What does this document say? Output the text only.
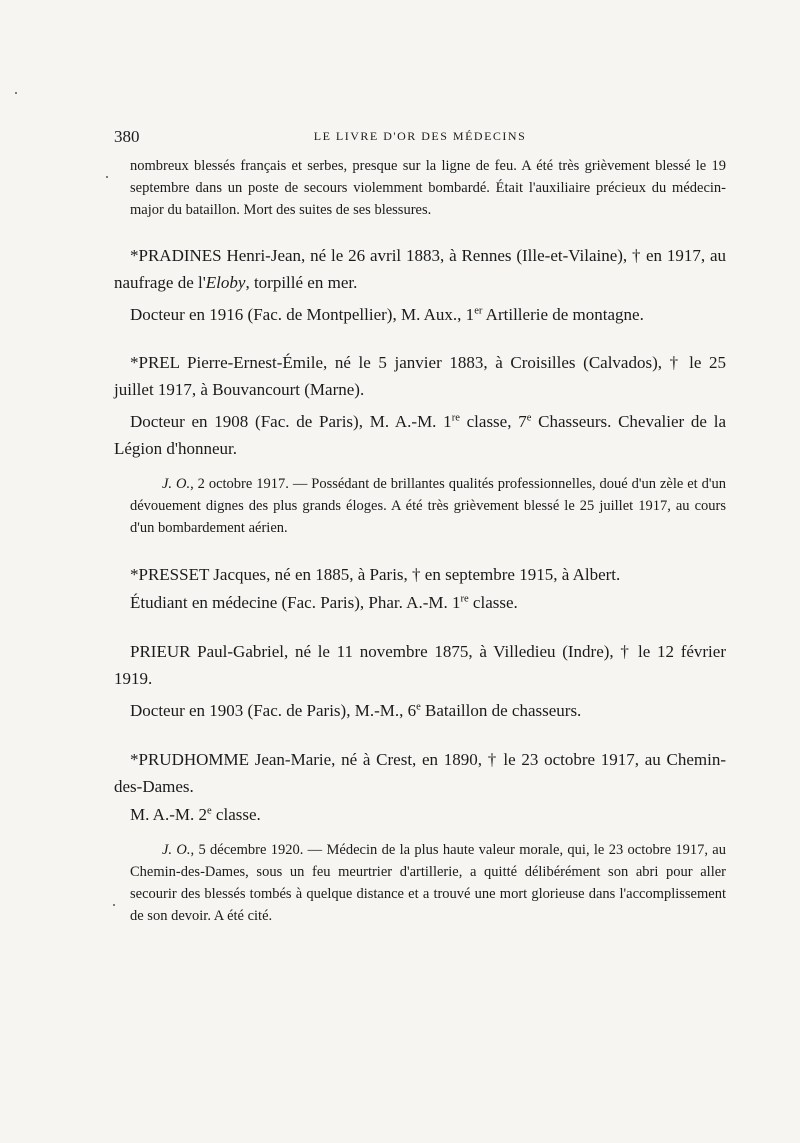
380	LE LIVRE D'OR DES MÉDECINS

nombreux blessés français et serbes, presque sur la ligne de feu. A été très grièvement blessé le 19 septembre dans un poste de secours violemment bombardé. Était l'auxiliaire précieux du médecin-major du bataillon. Mort des suites de ses blessures.

*PRADINES Henri-Jean, né le 26 avril 1883, à Rennes (Ille-et-Vilaine), † en 1917, au naufrage de l'Eloby, torpillé en mer.

Docteur en 1916 (Fac. de Montpellier), M. Aux., 1er Artillerie de montagne.

*PREL Pierre-Ernest-Émile, né le 5 janvier 1883, à Croisilles (Calvados), † le 25 juillet 1917, à Bouvancourt (Marne).

Docteur en 1908 (Fac. de Paris), M. A.-M. 1re classe, 7e Chasseurs. Chevalier de la Légion d'honneur.

J. O., 2 octobre 1917. — Possédant de brillantes qualités professionnelles, doué d'un zèle et d'un dévouement dignes des plus grands éloges. A été très grièvement blessé le 25 juillet 1917, au cours d'un bombardement aérien.

*PRESSET Jacques, né en 1885, à Paris, † en septembre 1915, à Albert.

Étudiant en médecine (Fac. Paris), Phar. A.-M. 1re classe.

PRIEUR Paul-Gabriel, né le 11 novembre 1875, à Villedieu (Indre), † le 12 février 1919.

Docteur en 1903 (Fac. de Paris), M.-M., 6e Bataillon de chasseurs.

*PRUDHOMME Jean-Marie, né à Crest, en 1890, † le 23 octobre 1917, au Chemin-des-Dames.

M. A.-M. 2e classe.

J. O., 5 décembre 1920. — Médecin de la plus haute valeur morale, qui, le 23 octobre 1917, au Chemin-des-Dames, sous un feu meurtrier d'artillerie, a quitté délibérément son abri pour aller secourir des blessés tombés à quelque distance et a trouvé une mort glorieuse dans l'accomplissement de son devoir. A été cité.
